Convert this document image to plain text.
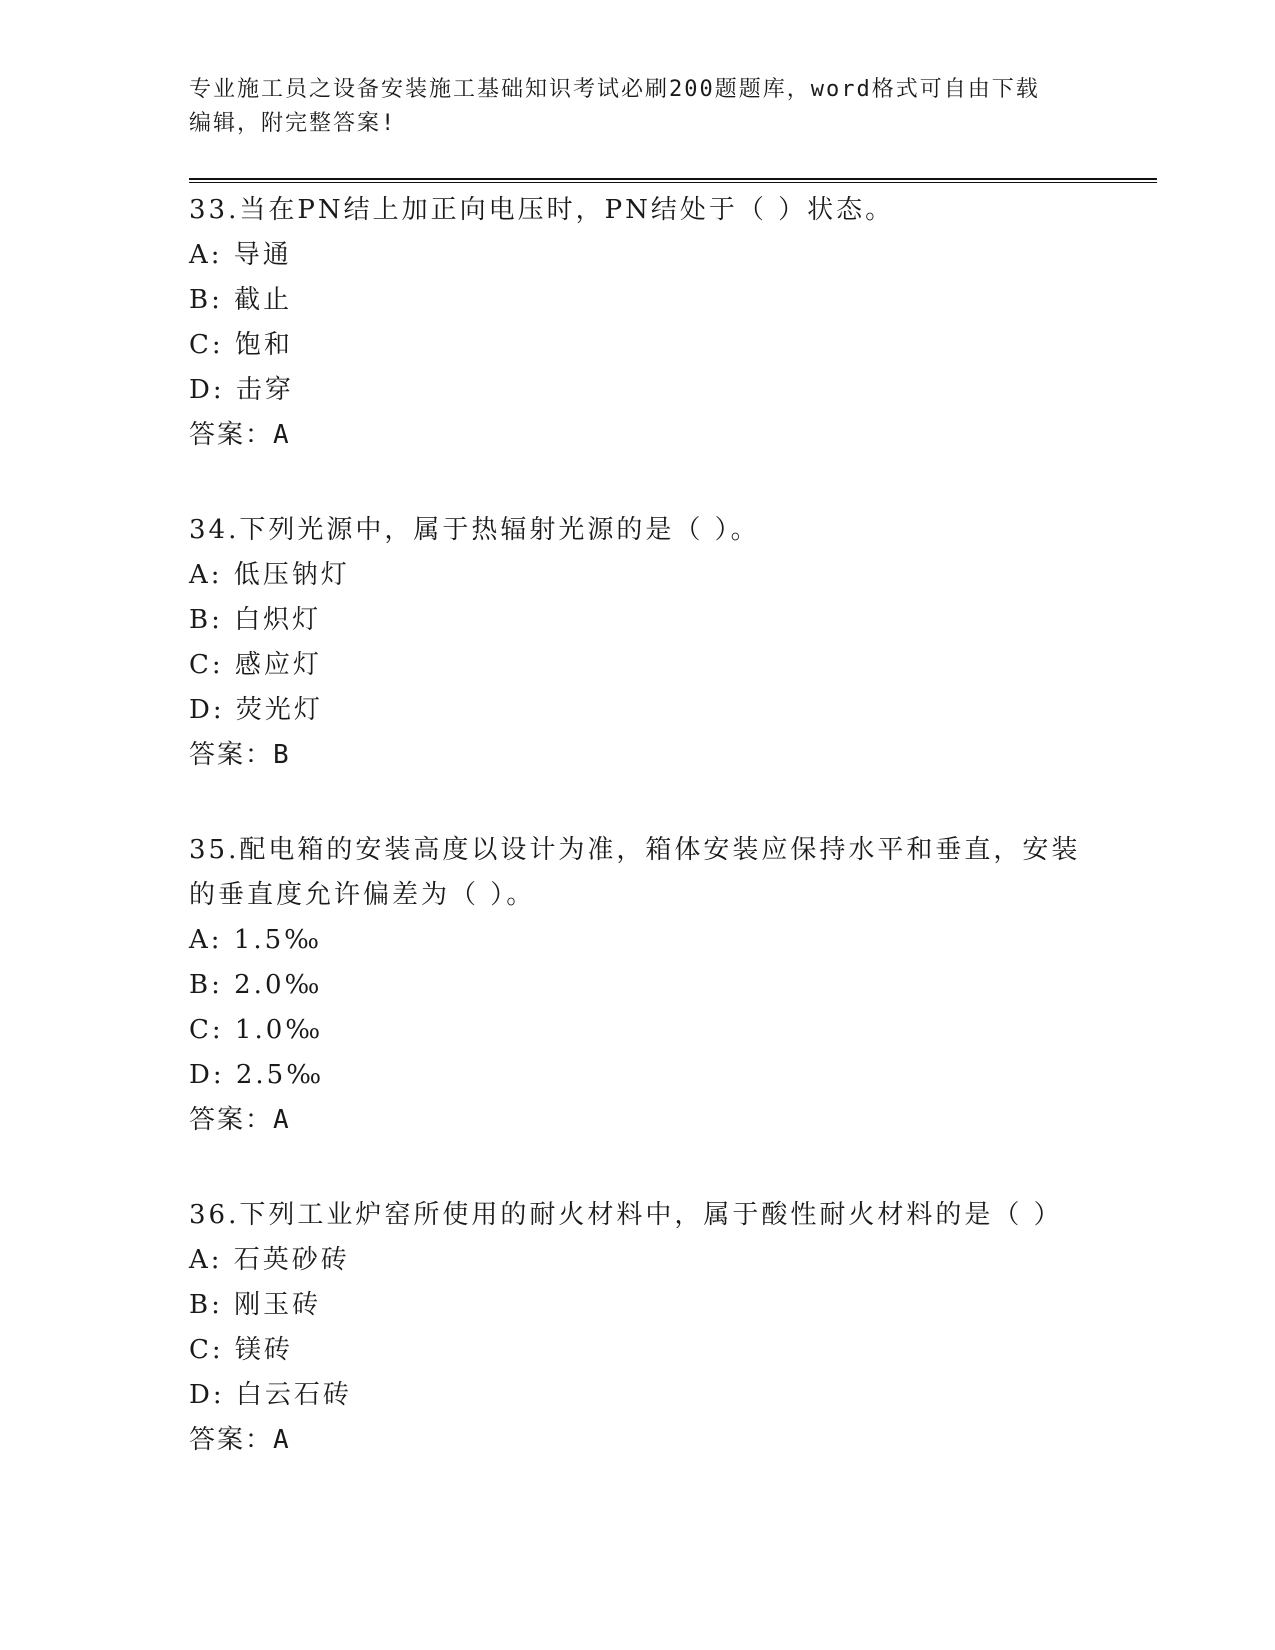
专业施工员之设备安装施工基础知识考试必刷200题题库，word格式可自由下载
编辑，附完整答案!

33.当在PN结上加正向电压时，PN结处于（ ）状态。

A: 导通

B: 截止

C: 饱和

D: 击穿

答案：A

34.下列光源中，属于热辐射光源的是（ ）。

A: 低压钠灯

B: 白炽灯

C: 感应灯

D: 荧光灯

答案：B

35.配电箱的安装高度以设计为准，箱体安装应保持水平和垂直，安装

的垂直度允许偏差为（ ）。

A: 1.5‰

B: 2.0‰

C: 1.0‰

D: 2.5‰

答案：A

36.下列工业炉窑所使用的耐火材料中，属于酸性耐火材料的是（ ）

A: 石英砂砖

B: 刚玉砖

C: 镁砖

D: 白云石砖

答案：A
